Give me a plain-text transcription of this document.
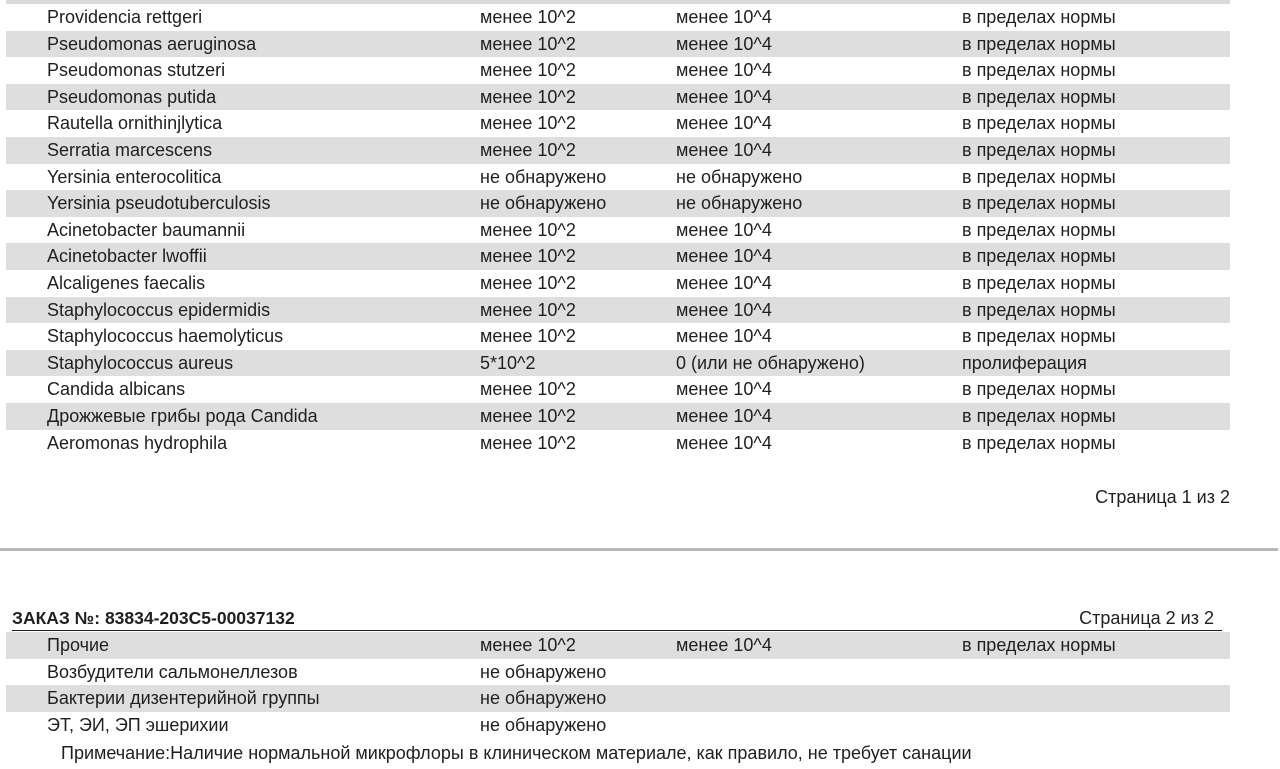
Providencia rettgeri	менее 10^2	менее 10^4	в пределах нормы
Pseudomonas aeruginosa	менее 10^2	менее 10^4	в пределах нормы
Pseudomonas stutzeri	менее 10^2	менее 10^4	в пределах нормы
Pseudomonas putida	менее 10^2	менее 10^4	в пределах нормы
Rautella ornithinjlytica	менее 10^2	менее 10^4	в пределах нормы
Serratia marcescens	менее 10^2	менее 10^4	в пределах нормы
Yersinia enterocolitica	не обнаружено	не обнаружено	в пределах нормы
Yersinia pseudotuberculosis	не обнаружено	не обнаружено	в пределах нормы
Acinetobacter baumannii	менее 10^2	менее 10^4	в пределах нормы
Acinetobacter lwoffii	менее 10^2	менее 10^4	в пределах нормы
Alcaligenes faecalis	менее 10^2	менее 10^4	в пределах нормы
Staphylococcus epidermidis	менее 10^2	менее 10^4	в пределах нормы
Staphylococcus haemolyticus	менее 10^2	менее 10^4	в пределах нормы
Staphylococcus aureus	5*10^2	0 (или не обнаружено)	пролиферация
Candida albicans	менее 10^2	менее 10^4	в пределах нормы
Дрожжевые грибы рода Candida	менее 10^2	менее 10^4	в пределах нормы
Aeromonas hydrophila	менее 10^2	менее 10^4	в пределах нормы
Страница 1 из 2
ЗАКАЗ №: 83834-203C5-00037132	Страница 2 из 2
Прочие	менее 10^2	менее 10^4	в пределах нормы
Возбудители сальмонеллезов	не обнаружено
Бактерии дизентерийной группы	не обнаружено
ЭТ, ЭИ, ЭП эшерихии	не обнаружено
Примечание:Наличие нормальной микрофлоры в клиническом материале, как правило, не требует санации
